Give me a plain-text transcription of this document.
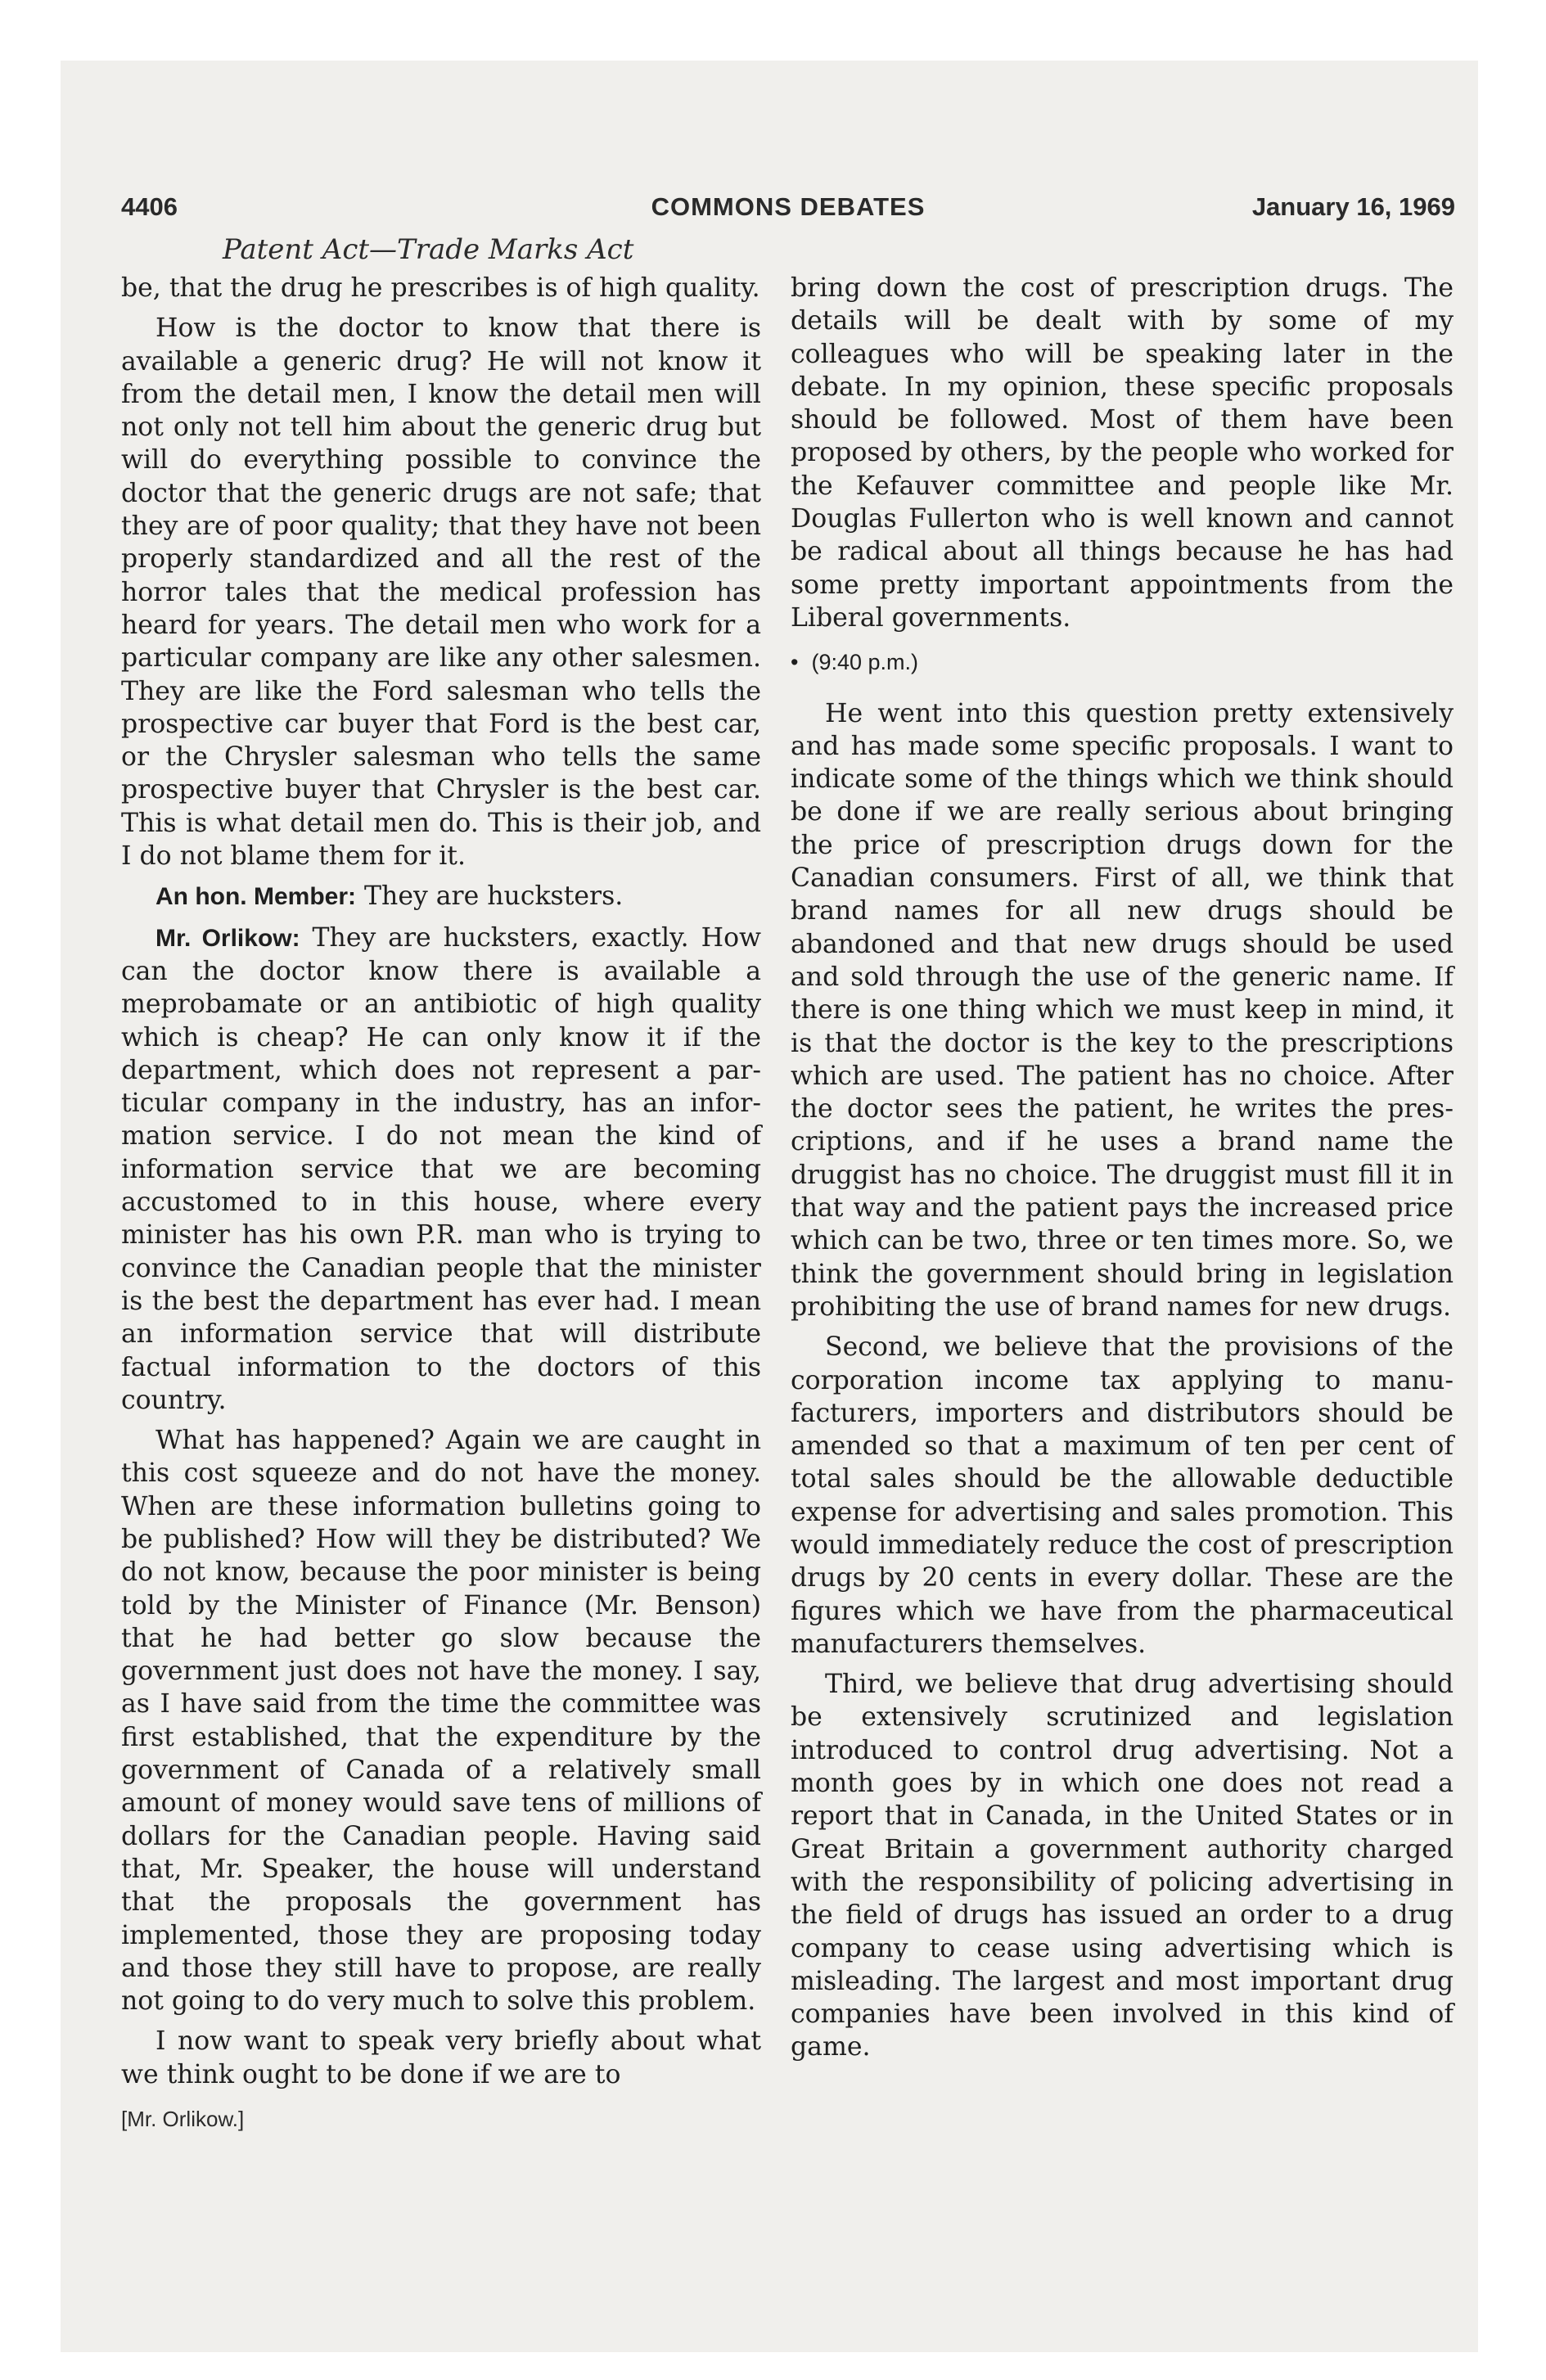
4406	COMMONS DEBATES	January 16, 1969
Patent Act—Trade Marks Act

be, that the drug he prescribes is of high quality.

How is the doctor to know that there is available a generic drug? He will not know it from the detail men, I know the detail men will not only not tell him about the generic drug but will do everything possible to convince the doctor that the generic drugs are not safe; that they are of poor quality; that they have not been properly standardized and all the rest of the horror tales that the medical profession has heard for years. The detail men who work for a particular company are like any other salesmen. They are like the Ford salesman who tells the prospective car buyer that Ford is the best car, or the Chrysler salesman who tells the same prospective buyer that Chrysler is the best car. This is what detail men do. This is their job, and I do not blame them for it.

An hon. Member: They are hucksters.

Mr. Orlikow: They are hucksters, exactly. How can the doctor know there is available a meprobamate or an antibiotic of high quality which is cheap? He can only know it if the department, which does not represent a particular company in the industry, has an information service. I do not mean the kind of information service that we are becoming accustomed to in this house, where every minister has his own P.R. man who is trying to convince the Canadian people that the minister is the best the department has ever had. I mean an information service that will distribute factual information to the doctors of this country.

What has happened? Again we are caught in this cost squeeze and do not have the money. When are these information bulletins going to be published? How will they be distributed? We do not know, because the poor minister is being told by the Minister of Finance (Mr. Benson) that he had better go slow because the government just does not have the money. I say, as I have said from the time the committee was first established, that the expenditure by the government of Canada of a relatively small amount of money would save tens of millions of dollars for the Canadian people. Having said that, Mr. Speaker, the house will understand that the proposals the government has implemented, those they are proposing today and those they still have to propose, are really not going to do very much to solve this problem.

I now want to speak very briefly about what we think ought to be done if we are to

[Mr. Orlikow.]

bring down the cost of prescription drugs. The details will be dealt with by some of my colleagues who will be speaking later in the debate. In my opinion, these specific proposals should be followed. Most of them have been proposed by others, by the people who worked for the Kefauver committee and people like Mr. Douglas Fullerton who is well known and cannot be radical about all things because he has had some pretty important appointments from the Liberal governments.

• (9:40 p.m.)

He went into this question pretty extensively and has made some specific proposals. I want to indicate some of the things which we think should be done if we are really serious about bringing the price of prescription drugs down for the Canadian consumers. First of all, we think that brand names for all new drugs should be abandoned and that new drugs should be used and sold through the use of the generic name. If there is one thing which we must keep in mind, it is that the doctor is the key to the prescriptions which are used. The patient has no choice. After the doctor sees the patient, he writes the prescriptions, and if he uses a brand name the druggist has no choice. The druggist must fill it in that way and the patient pays the increased price which can be two, three or ten times more. So, we think the government should bring in legislation prohibiting the use of brand names for new drugs.

Second, we believe that the provisions of the corporation income tax applying to manufacturers, importers and distributors should be amended so that a maximum of ten per cent of total sales should be the allowable deductible expense for advertising and sales promotion. This would immediately reduce the cost of prescription drugs by 20 cents in every dollar. These are the figures which we have from the pharmaceutical manufacturers themselves.

Third, we believe that drug advertising should be extensively scrutinized and legislation introduced to control drug advertising. Not a month goes by in which one does not read a report that in Canada, in the United States or in Great Britain a government authority charged with the responsibility of policing advertising in the field of drugs has issued an order to a drug company to cease using advertising which is misleading. The largest and most important drug companies have been involved in this kind of game.
